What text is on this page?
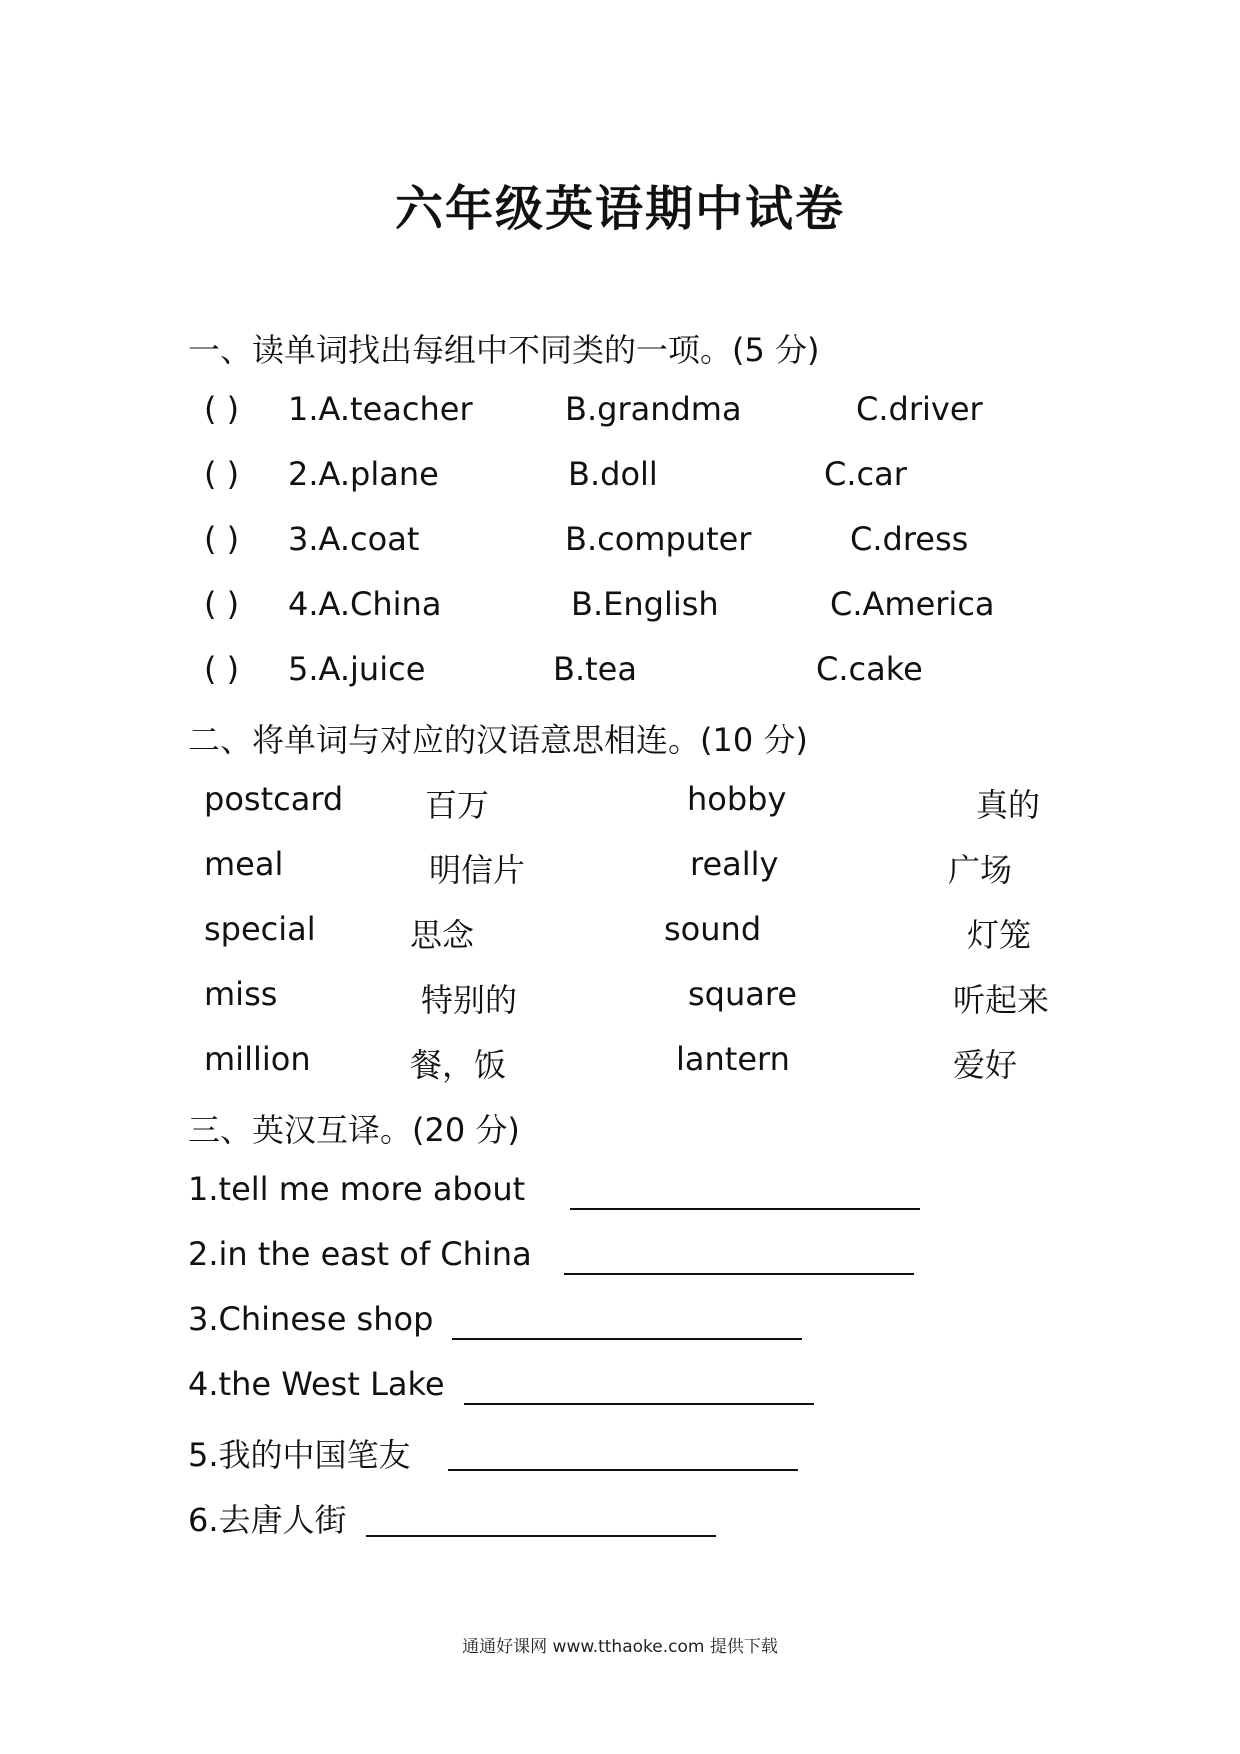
六年级英语期中试卷
一、读单词找出每组中不同类的一项。(5 分)
( ) 1.A.teacher	B.grandma	C.driver
( ) 2.A.plane	B.doll	C.car
( ) 3.A.coat	B.computer	C.dress
( ) 4.A.China	B.English	C.America
( ) 5.A.juice	B.tea	C.cake
二、将单词与对应的汉语意思相连。(10 分)
postcard	百万	hobby	真的
meal	明信片	really	广场
special	思念	sound	灯笼
miss	特别的	square	听起来
million	餐，饭	lantern	爱好
三、英汉互译。(20 分)
1.tell me more about
2.in the east of China
3.Chinese shop
4.the West Lake
5.我的中国笔友
6.去唐人街
通通好课网 www.tthaoke.com 提供下载
